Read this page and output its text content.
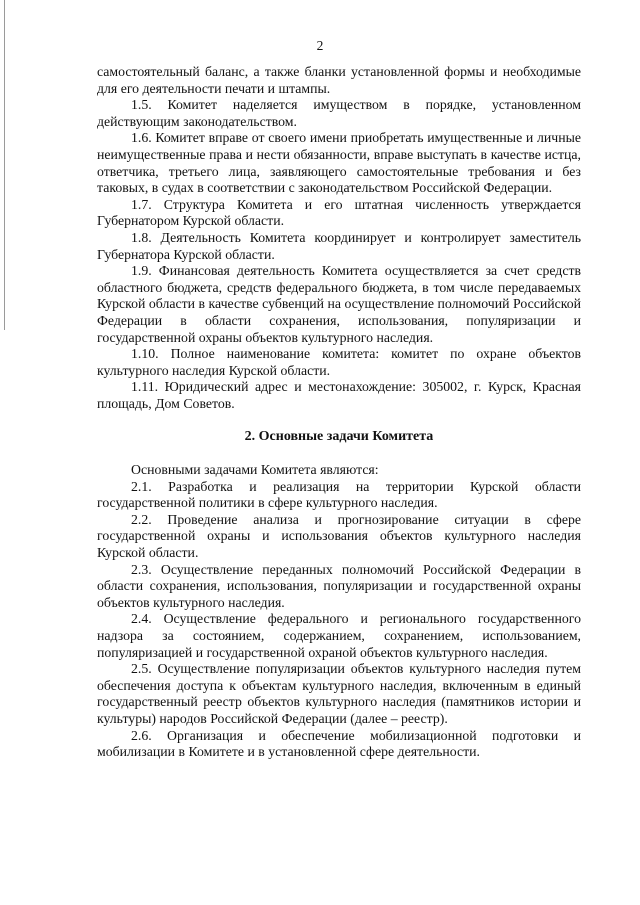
2

самостоятельный баланс, а также бланки установленной формы и необходимые для его деятельности печати и штампы.

1.5. Комитет наделяется имуществом в порядке, установленном действующим законодательством.

1.6. Комитет вправе от своего имени приобретать имущественные и личные неимущественные права и нести обязанности, вправе выступать в качестве истца, ответчика, третьего лица, заявляющего самостоятельные требования и без таковых, в судах в соответствии с законодательством Российской Федерации.

1.7. Структура Комитета и его штатная численность утверждается Губернатором Курской области.

1.8. Деятельность Комитета координирует и контролирует заместитель Губернатора Курской области.

1.9. Финансовая деятельность Комитета осуществляется за счет средств областного бюджета, средств федерального бюджета, в том числе передаваемых Курской области в качестве субвенций на осуществление полномочий Российской Федерации в области сохранения, использования, популяризации и государственной охраны объектов культурного наследия.

1.10. Полное наименование комитета: комитет по охране объектов культурного наследия Курской области.

1.11. Юридический адрес и местонахождение: 305002, г. Курск, Красная площадь, Дом Советов.

2. Основные задачи Комитета

Основными задачами Комитета являются:

2.1. Разработка и реализация на территории Курской области государственной политики в сфере культурного наследия.

2.2. Проведение анализа и прогнозирование ситуации в сфере государственной охраны и использования объектов культурного наследия Курской области.

2.3. Осуществление переданных полномочий Российской Федерации в области сохранения, использования, популяризации и государственной охраны объектов культурного наследия.

2.4. Осуществление федерального и регионального государственного надзора за состоянием, содержанием, сохранением, использованием, популяризацией и государственной охраной объектов культурного наследия.

2.5. Осуществление популяризации объектов культурного наследия путем обеспечения доступа к объектам культурного наследия, включенным в единый государственный реестр объектов культурного наследия (памятников истории и культуры) народов Российской Федерации (далее – реестр).

2.6. Организация и обеспечение мобилизационной подготовки и мобилизации в Комитете и в установленной сфере деятельности.
